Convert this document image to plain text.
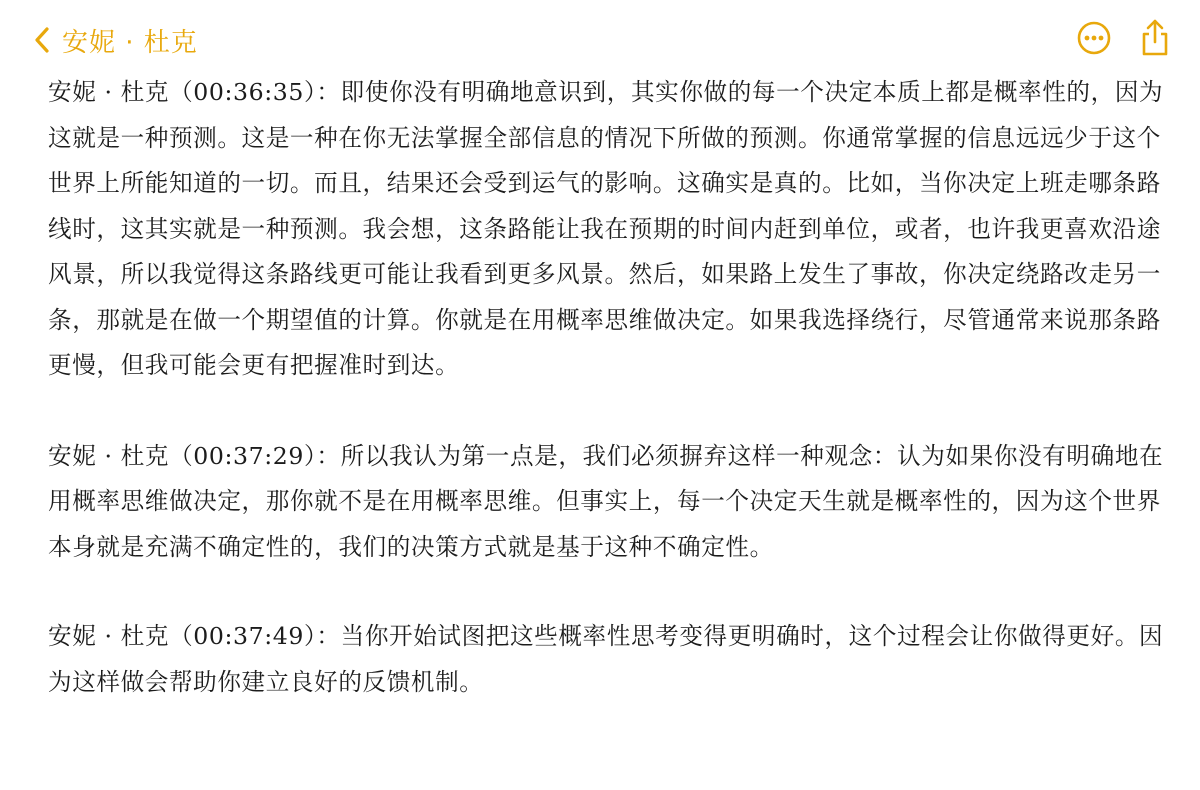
安妮 · 杜克

安妮 · 杜克（00:36:35）：即使你没有明确地意识到，其实你做的每一个决定本质上都是概率性的，因为这就是一种预测。这是一种在你无法掌握全部信息的情况下所做的预测。你通常掌握的信息远远少于这个世界上所能知道的一切。而且，结果还会受到运气的影响。这确实是真的。比如，当你决定上班走哪条路线时，这其实就是一种预测。我会想，这条路能让我在预期的时间内赶到单位，或者，也许我更喜欢沿途风景，所以我觉得这条路线更可能让我看到更多风景。然后，如果路上发生了事故，你决定绕路改走另一条，那就是在做一个期望值的计算。你就是在用概率思维做决定。如果我选择绕行，尽管通常来说那条路更慢，但我可能会更有把握准时到达。

安妮 · 杜克（00:37:29）：所以我认为第一点是，我们必须摒弃这样一种观念：认为如果你没有明确地在用概率思维做决定，那你就不是在用概率思维。但事实上，每一个决定天生就是概率性的，因为这个世界本身就是充满不确定性的，我们的决策方式就是基于这种不确定性。

安妮 · 杜克（00:37:49）：当你开始试图把这些概率性思考变得更明确时，这个过程会让你做得更好。因为这样做会帮助你建立良好的反馈机制。
